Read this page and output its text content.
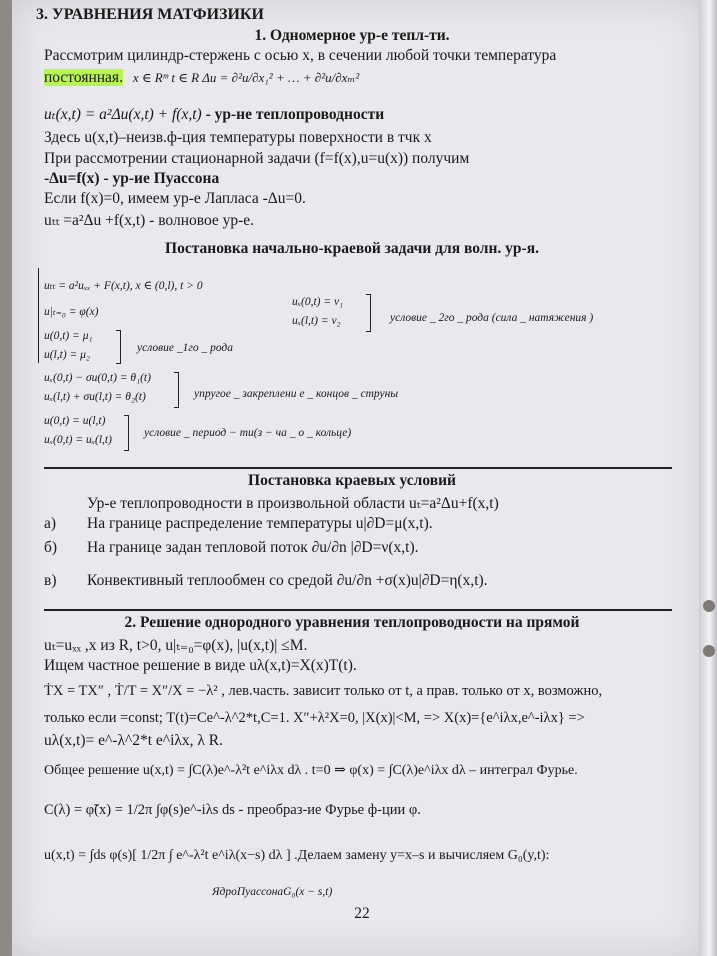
3. УРАВНЕНИЯ МАТФИЗИКИ
1. Одномерное ур-е тепл-ти.
Рассмотрим цилиндр-стержень с осью x, в сечении любой точки температура
постоянная. x ∈ Rᵐ t ∈ R Δu = ∂²u/∂x₁² + … + ∂²u/∂xₘ²
uₜ(x,t) = a²Δu(x,t) + f(x,t) - ур-не теплопроводности
Здесь u(x,t)–неизв.ф-ция температуры поверхности в тчк x
При рассмотрении стационарной задачи (f=f(x),u=u(x)) получим
-Δu=f(x) - ур-ие Пуассона
Если f(x)=0, имеем ур-е Лапласа -Δu=0.
uₜₜ =a²Δu +f(x,t) - волновое ур-е.
Постановка начально-краевой задачи для волн. ур-я.
uₜₜ = a²uₓₓ + F(x,t), x ∈ (0,l), t > 0
u|ₜ₌₀ = φ(x)
u(0,t) = μ₁
u(l,t) = μ₂
условие _1го _ рода
uₓ(0,t) = ν₁
uₓ(l,t) = ν₂	условие _ 2го _ рода (сила _ натяжения )
uₓ(0,t) − σu(0,t) = θ₁(t)
uₓ(l,t) + σu(l,t) = θ₂(t)	упругое _ закреплени е _ концов _ струны
u(0,t) = u(l,t)
uₓ(0,t) = uₓ(l,t)
условие _ период − ти(з − ча _ о _ кольце)
Постановка краевых условий
Ур-е теплопроводности в произвольной области uₜ=a²Δu+f(x,t)
а) На границе распределение температуры u|∂D=μ(x,t).
б) На границе задан тепловой поток ∂u/∂n |∂D=ν(x,t).
в) Конвективный теплообмен со средой ∂u/∂n +σ(x)u|∂D=η(x,t).
2. Решение однородного уравнения теплопроводности на прямой
uₜ=uₓₓ ,x из R, t>0, u|ₜ₌₀=φ(x), |u(x,t)| ≤M.
Ищем частное решение в виде uλ(x,t)=X(x)T(t).
ṪX = TX″ , Ṫ/T = X″/X = −λ² , лев.часть. зависит только от t, а прав. только от x, возможно,
только если =const; T(t)=Ce^-λ^2*t,C=1. X″+λ²X=0, |X(x)|<M, => X(x)={e^iλx,e^-iλx} =>
uλ(x,t)= e^-λ^2*t e^iλx, λ R.
Общее решение u(x,t) = ∫C(λ)e^-λ²t e^iλx dλ . t=0 ⇒ φ(x) = ∫C(λ)e^iλx dλ – интеграл Фурье.
C(λ) = φ̃(x) = 1/2π ∫φ(s)e^-iλs ds - преобраз-ие Фурье ф-ции φ.
u(x,t) = ∫ds φ(s)[ 1/2π ∫ e^-λ²t e^iλ(x−s) dλ ] .Делаем замену y=x–s и вычисляем G₀(y,t):
ЯдроПуассонаG₀(x − s,t)
22
